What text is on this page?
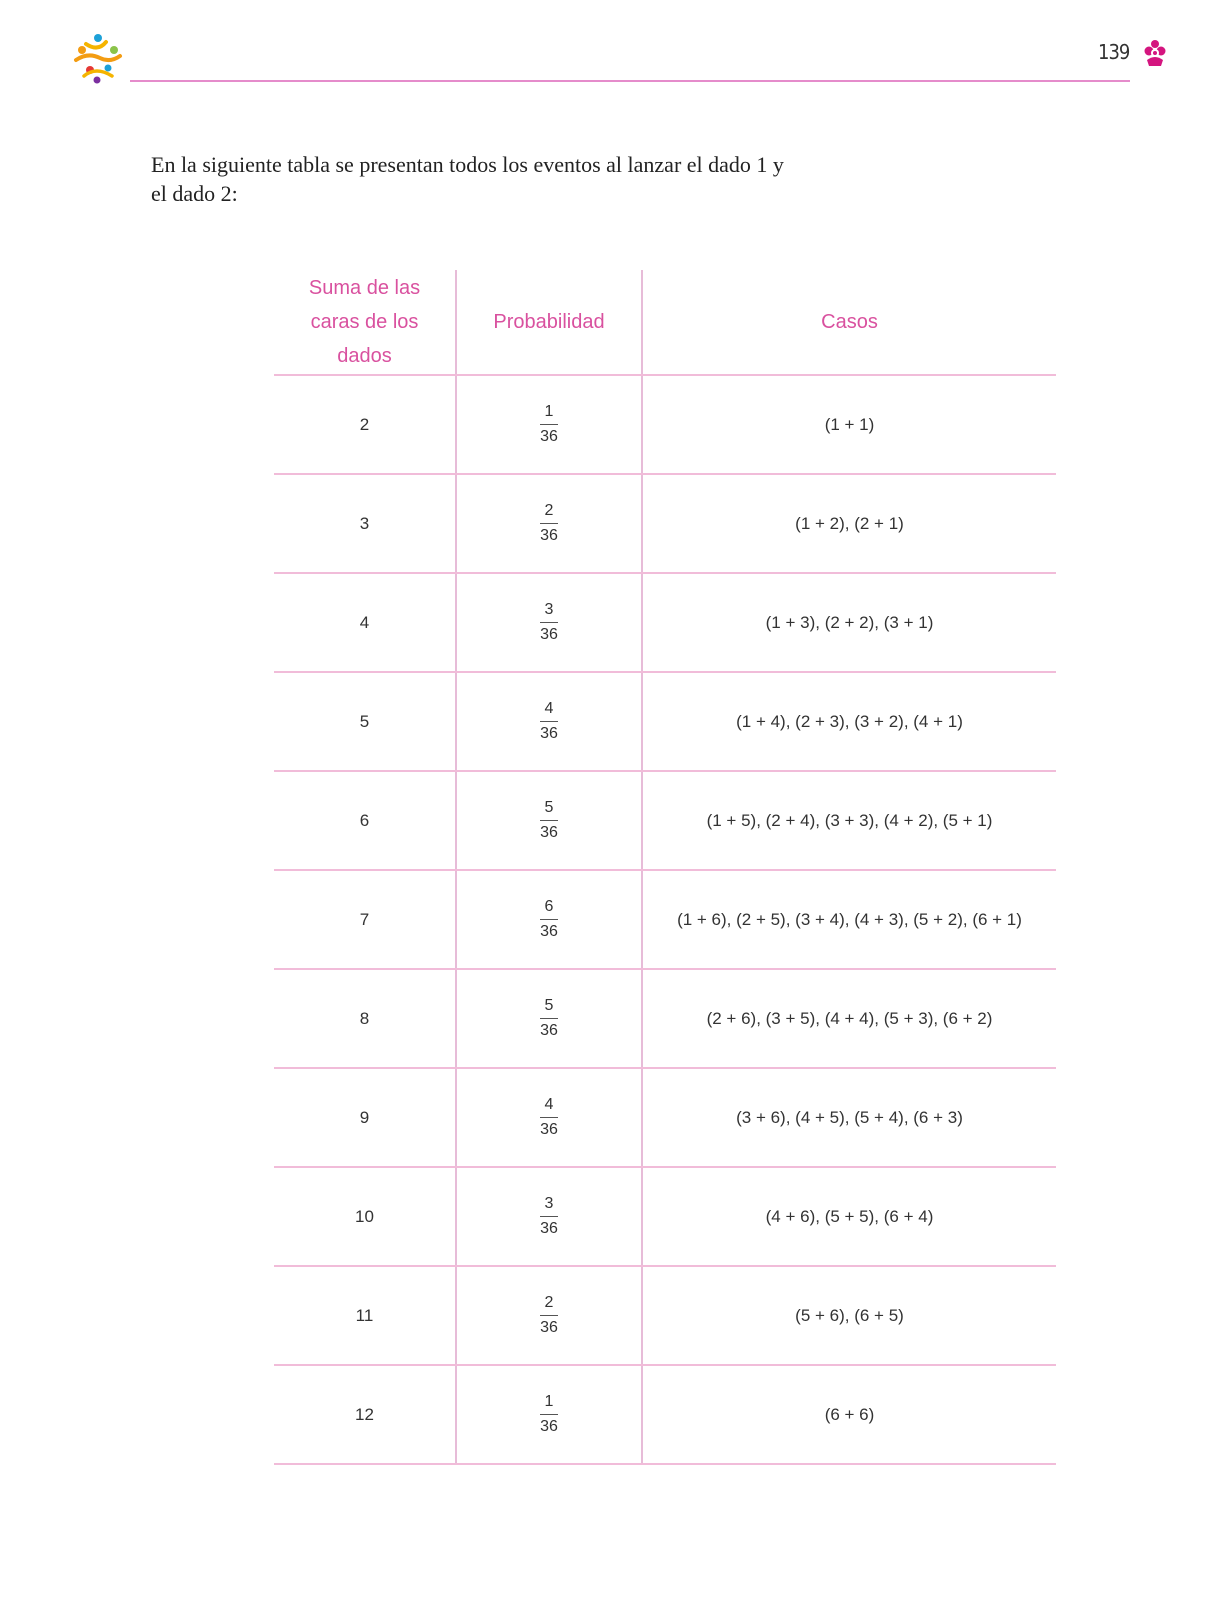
139
En la siguiente tabla se presentan todos los eventos al lanzar el dado 1 y el dado 2:
Suma de las caras de los dados	Probabilidad	Casos
2	$\frac{1}{36}$	(1 + 1)
3	$\frac{2}{36}$	(1 + 2), (2 + 1)
4	$\frac{3}{36}$	(1 + 3), (2 + 2), (3 + 1)
5	$\frac{4}{36}$	(1 + 4), (2 + 3), (3 + 2), (4 + 1)
6	$\frac{5}{36}$	(1 + 5), (2 + 4), (3 + 3), (4 + 2), (5 + 1)
7	$\frac{6}{36}$	(1 + 6), (2 + 5), (3 + 4), (4 + 3), (5 + 2), (6 + 1)
8	$\frac{5}{36}$	(2 + 6), (3 + 5), (4 + 4), (5 + 3), (6 + 2)
9	$\frac{4}{36}$	(3 + 6), (4 + 5), (5 + 4), (6 + 3)
10	$\frac{3}{36}$	(4 + 6), (5 + 5), (6 + 4)
11	$\frac{2}{36}$	(5 + 6), (6 + 5)
12	$\frac{1}{36}$	(6 + 6)
